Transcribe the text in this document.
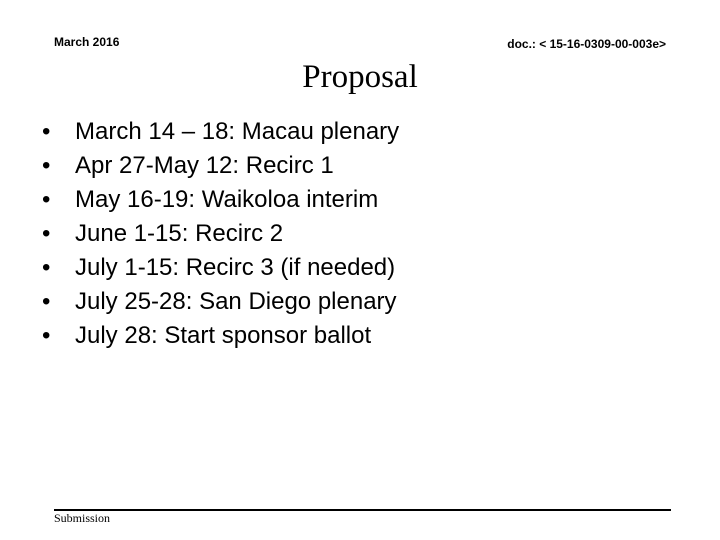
March 2016	doc.: < 15-16-0309-00-003e>
Proposal
•	March 14 – 18: Macau plenary
•	Apr 27-May 12: Recirc 1
•	May 16-19: Waikoloa interim
•	June 1-15: Recirc 2
•	July 1-15: Recirc 3 (if needed)
•	July 25-28: San Diego plenary
•	July 28: Start sponsor ballot
Submission
